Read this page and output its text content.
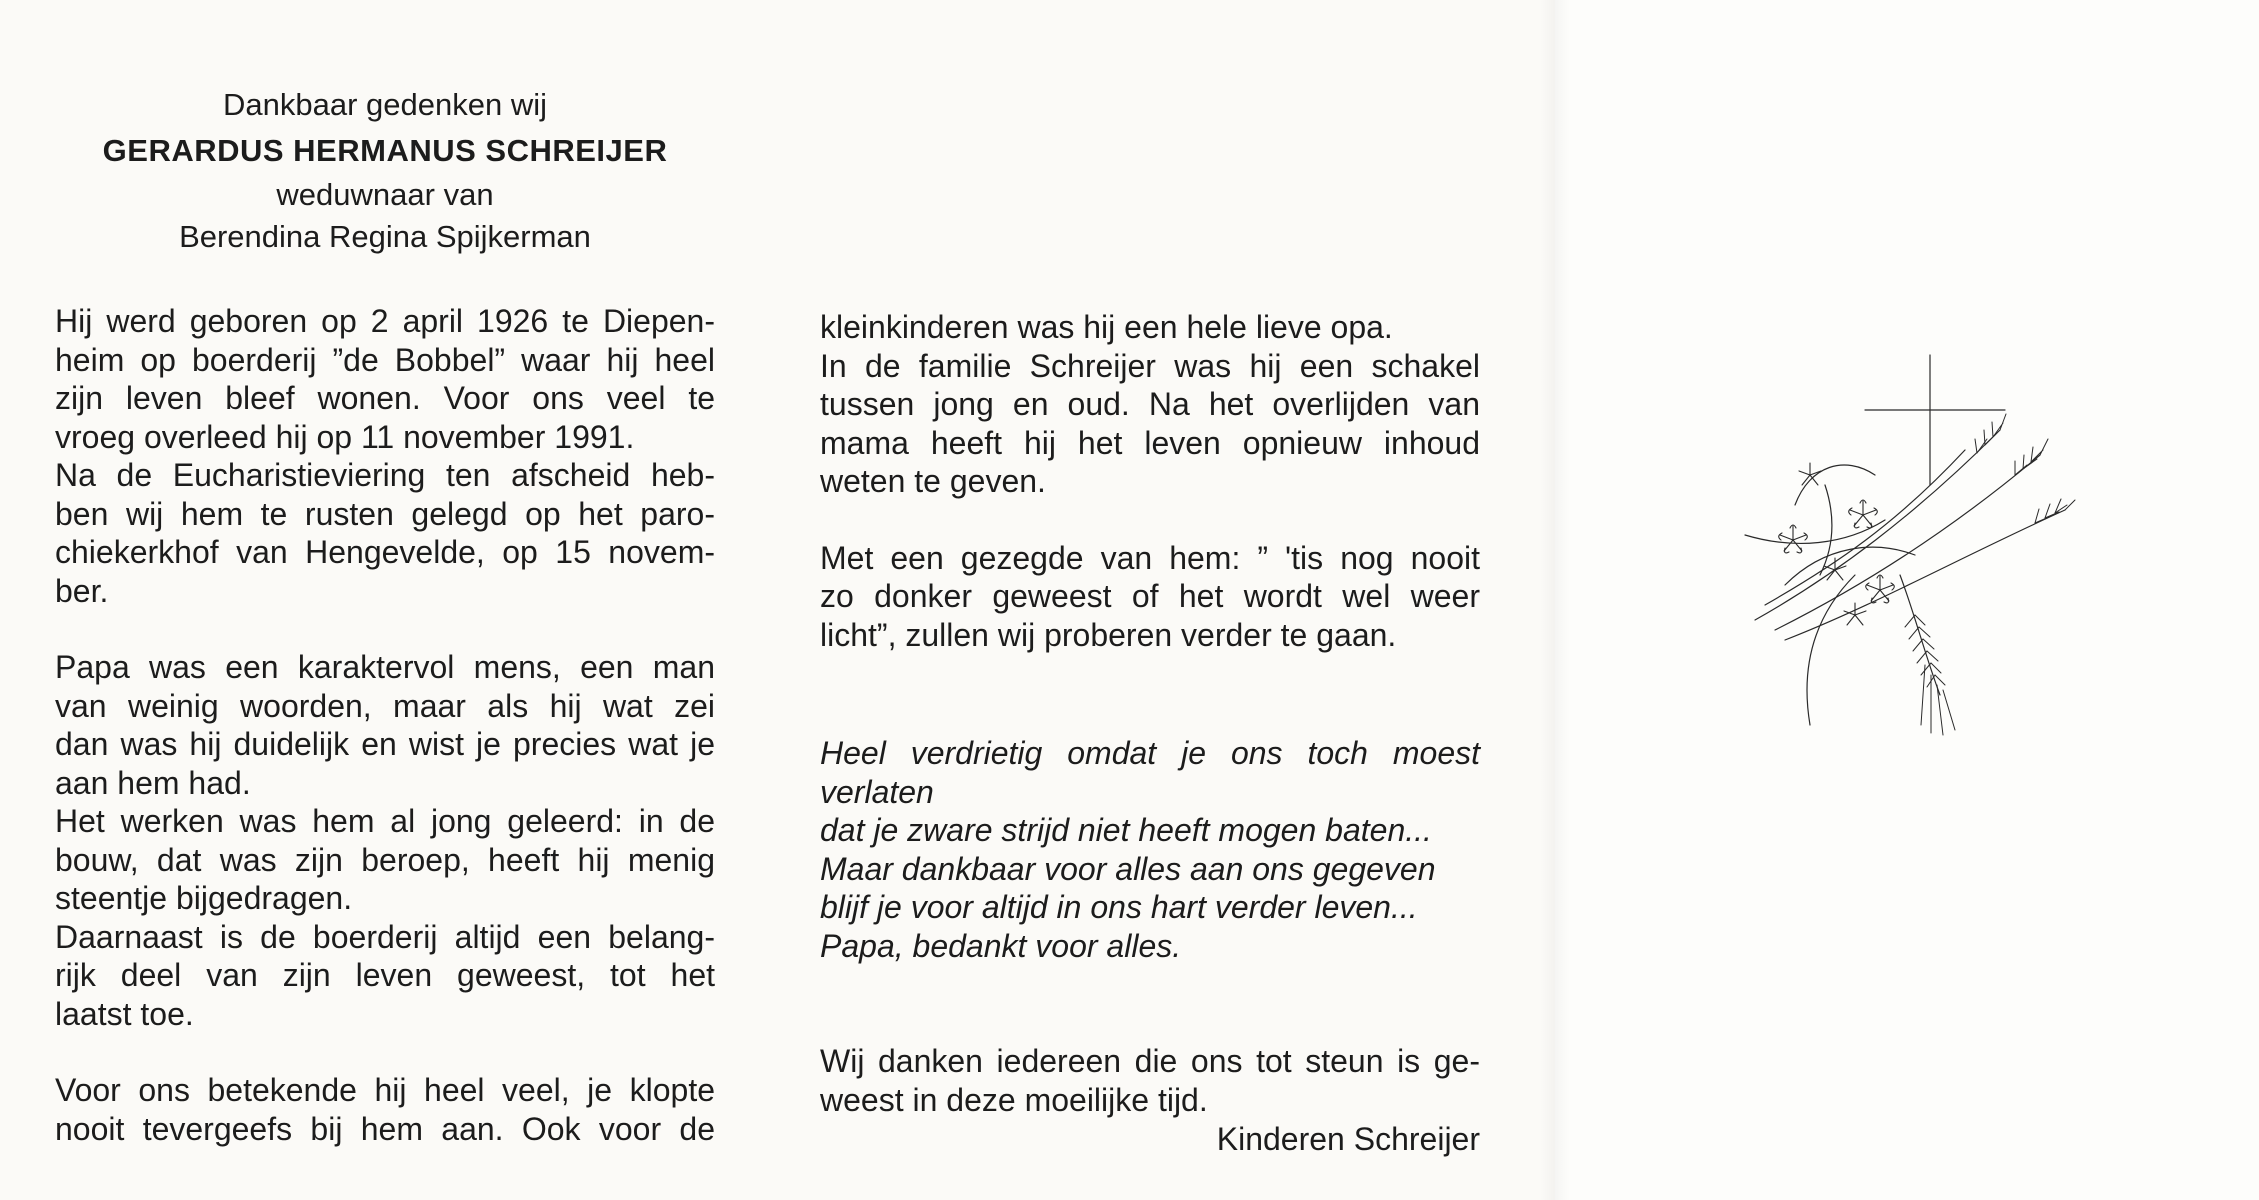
Dankbaar gedenken wij
GERARDUS HERMANUS SCHREIJER
weduwnaar van
Berendina Regina Spijkerman

Hij werd geboren op 2 april 1926 te Diepen-
heim op boerderij ”de Bobbel” waar hij heel
zijn leven bleef wonen. Voor ons veel te
vroeg overleed hij op 11 november 1991.
Na de Eucharistieviering ten afscheid heb-
ben wij hem te rusten gelegd op het paro-
chiekerkhof van Hengevelde, op 15 novem-
ber.

Papa was een karaktervol mens, een man
van weinig woorden, maar als hij wat zei
dan was hij duidelijk en wist je precies wat je
aan hem had.
Het werken was hem al jong geleerd: in de
bouw, dat was zijn beroep, heeft hij menig
steentje bijgedragen.
Daarnaast is de boerderij altijd een belang-
rijk deel van zijn leven geweest, tot het
laatst toe.

Voor ons betekende hij heel veel, je klopte
nooit tevergeefs bij hem aan. Ook voor de

kleinkinderen was hij een hele lieve opa.
In de familie Schreijer was hij een schakel
tussen jong en oud. Na het overlijden van
mama heeft hij het leven opnieuw inhoud
weten te geven.

Met een gezegde van hem: ” 'tis nog nooit
zo donker geweest of het wordt wel weer
licht”, zullen wij proberen verder te gaan.

Heel verdrietig omdat je ons toch moest
verlaten
dat je zware strijd niet heeft mogen baten...
Maar dankbaar voor alles aan ons gegeven
blijf je voor altijd in ons hart verder leven...
Papa, bedankt voor alles.
Wij danken iedereen die ons tot steun is ge-
weest in deze moeilijke tijd.
Kinderen Schreijer
